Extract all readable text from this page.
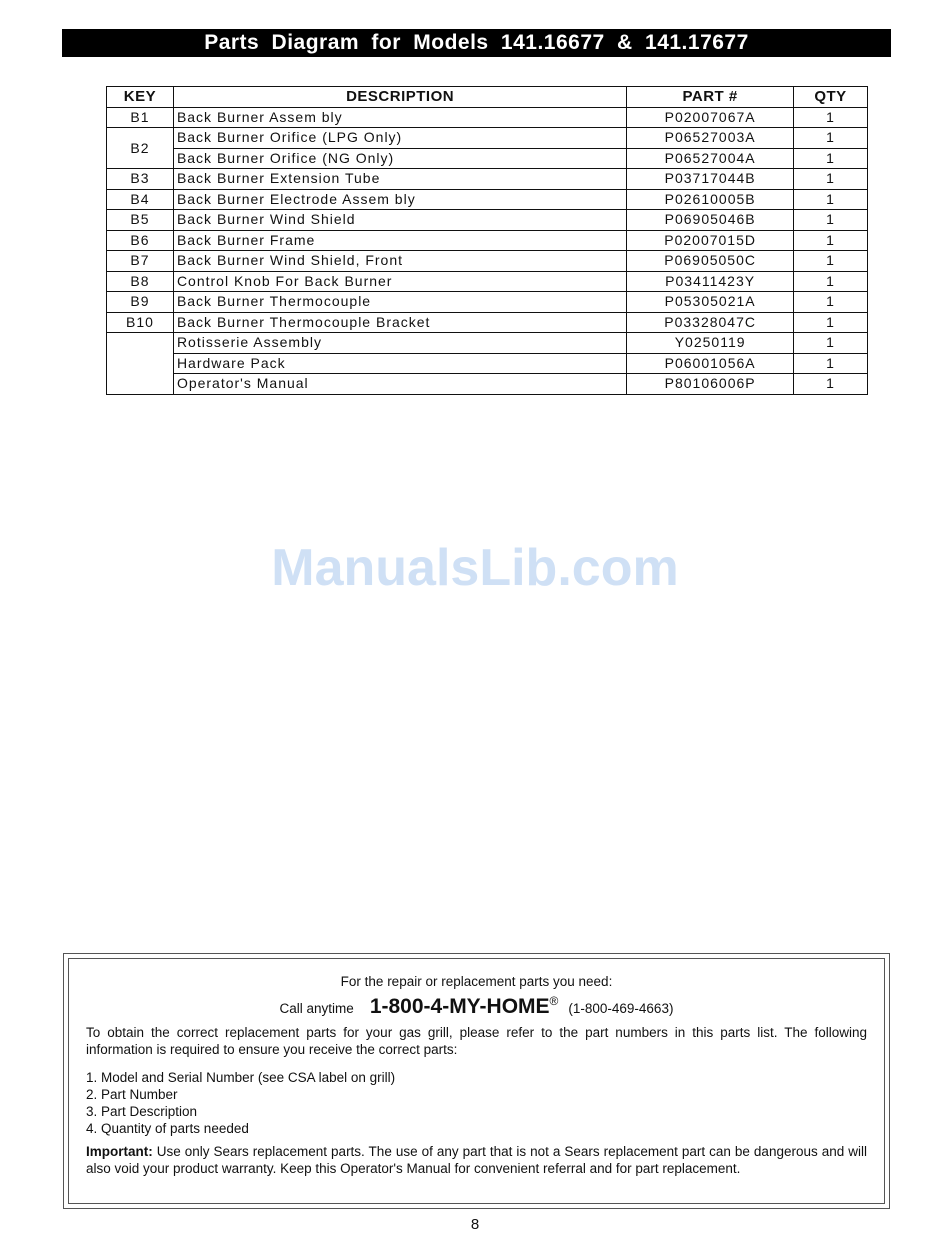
Parts Diagram for Models 141.16677 & 141.17677
KEY	DESCRIPTION	PART #	QTY
B1	Back Burner Assem bly	P02007067A	1
B2	Back Burner Orifice (LPG Only)	P06527003A	1
	Back Burner Orifice (NG Only)	P06527004A	1
B3	Back Burner Extension Tube	P03717044B	1
B4	Back Burner Electrode Assem bly	P02610005B	1
B5	Back Burner Wind Shield	P06905046B	1
B6	Back Burner Frame	P02007015D	1
B7	Back Burner Wind Shield, Front	P06905050C	1
B8	Control Knob For Back Burner	P03411423Y	1
B9	Back Burner Thermocouple	P05305021A	1
B10	Back Burner Thermocouple Bracket	P03328047C	1
	Rotisserie Assembly	Y0250119	1
	Hardware Pack	P06001056A	1
	Operator's Manual	P80106006P	1
ManualsLib.com
For the repair or replacement parts you need:
Call anytime 1-800-4-MY-HOME® (1-800-469-4663)
To obtain the correct replacement parts for your gas grill, please refer to the part numbers in this parts list. The following information is required to ensure you receive the correct parts:
1. Model and Serial Number (see CSA label on grill)
2. Part Number
3. Part Description
4. Quantity of parts needed
Important: Use only Sears replacement parts. The use of any part that is not a Sears replacement part can be dangerous and will also void your product warranty. Keep this Operator's Manual for convenient referral and for part replacement.
8
